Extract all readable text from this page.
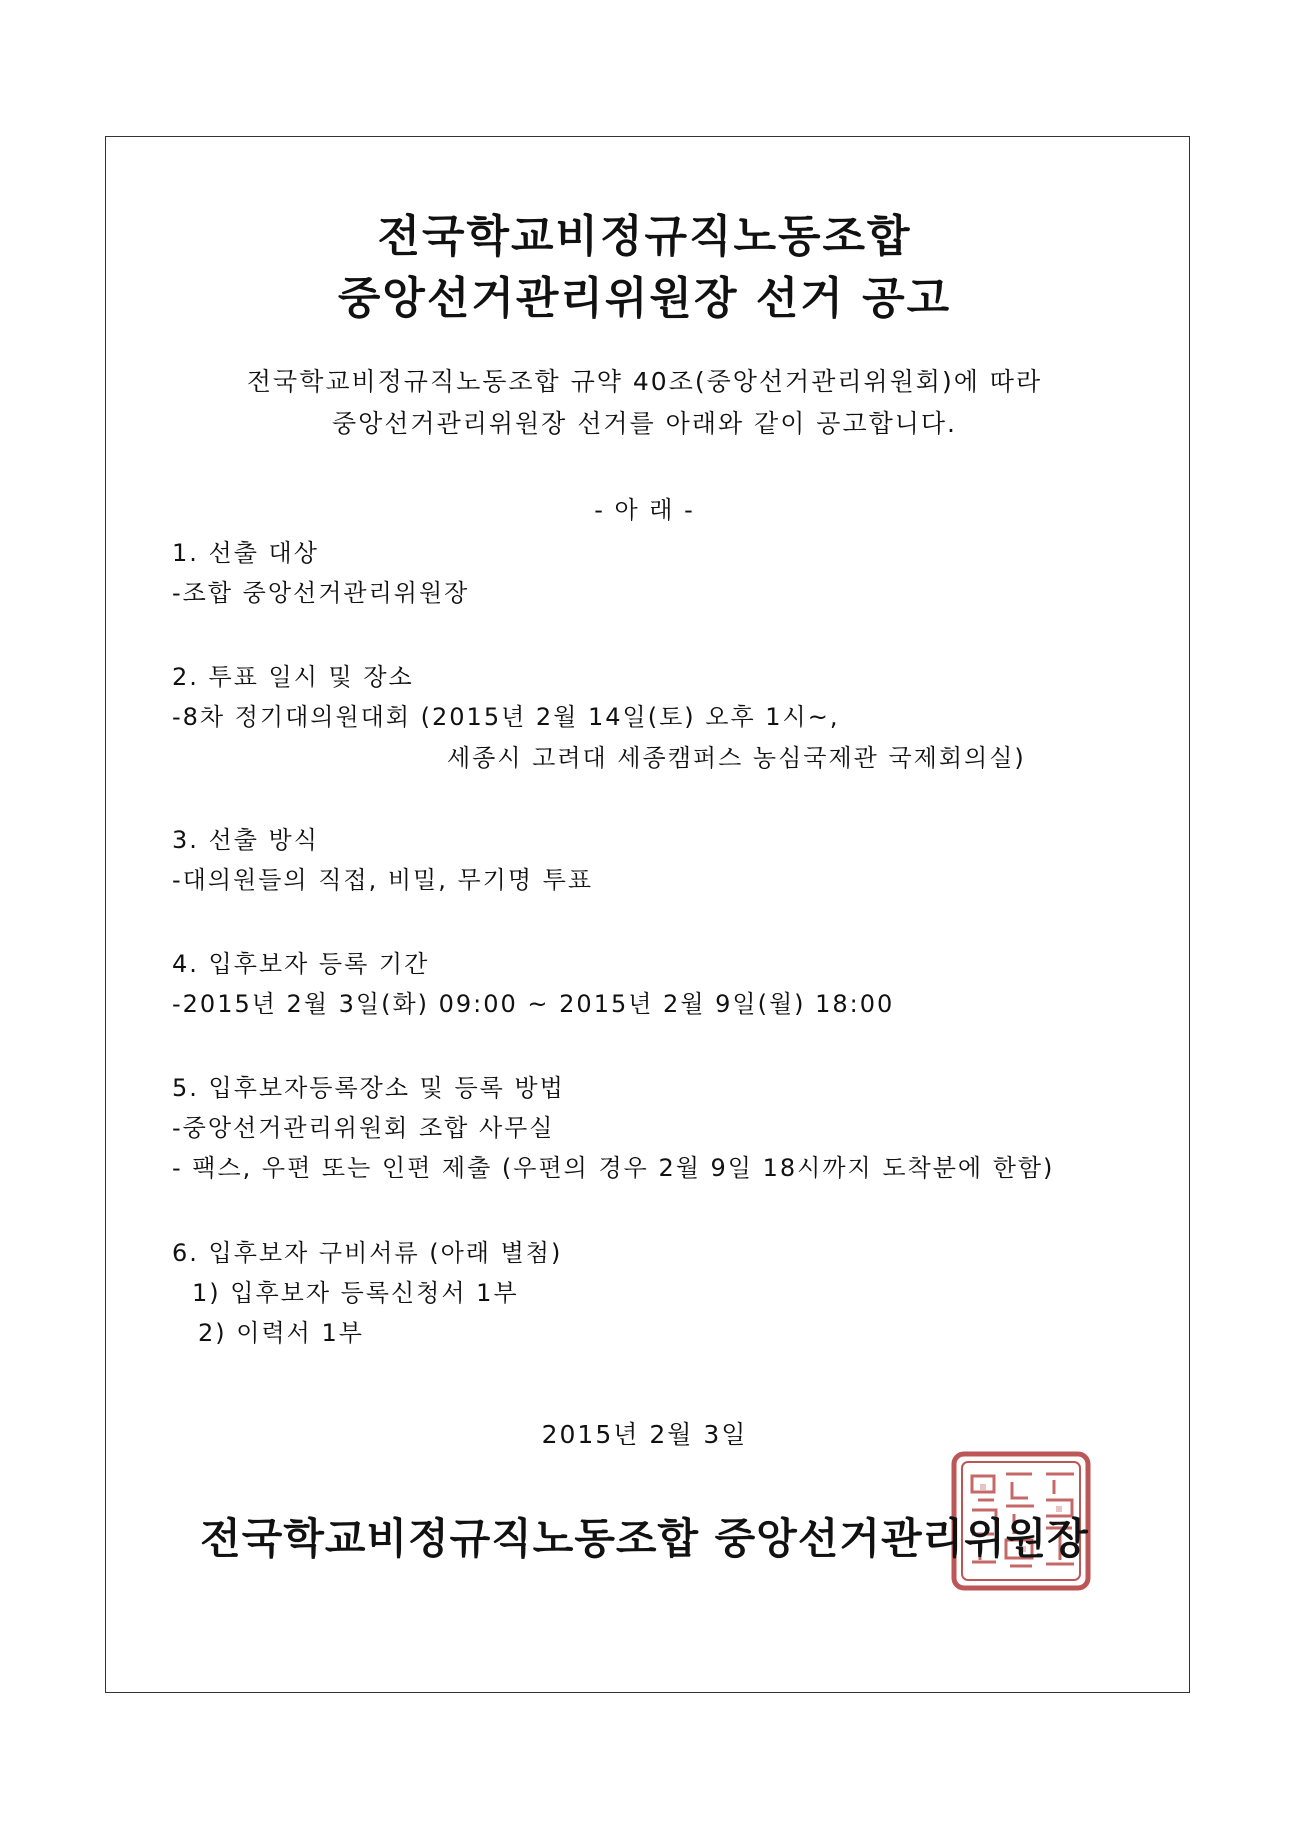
전국학교비정규직노동조합
중앙선거관리위원장 선거 공고
전국학교비정규직노동조합 규약 40조(중앙선거관리위원회)에 따라
중앙선거관리위원장 선거를 아래와 같이 공고합니다.
- 아 래 -
1. 선출 대상
-조합 중앙선거관리위원장
2. 투표 일시 및 장소
-8차 정기대의원대회 (2015년 2월 14일(토) 오후 1시~,
세종시 고려대 세종캠퍼스 농심국제관 국제회의실)
3. 선출 방식
-대의원들의 직접, 비밀, 무기명 투표
4. 입후보자 등록 기간
-2015년 2월 3일(화) 09:00 ~ 2015년 2월 9일(월) 18:00
5. 입후보자등록장소 및 등록 방법
-중앙선거관리위원회 조합 사무실
- 팩스, 우편 또는 인편 제출 (우편의 경우 2월 9일 18시까지 도착분에 한함)
6. 입후보자 구비서류 (아래 별첨)
1) 입후보자 등록신청서 1부
2) 이력서 1부
2015년 2월 3일
전국학교비정규직노동조합 중앙선거관리위원장
